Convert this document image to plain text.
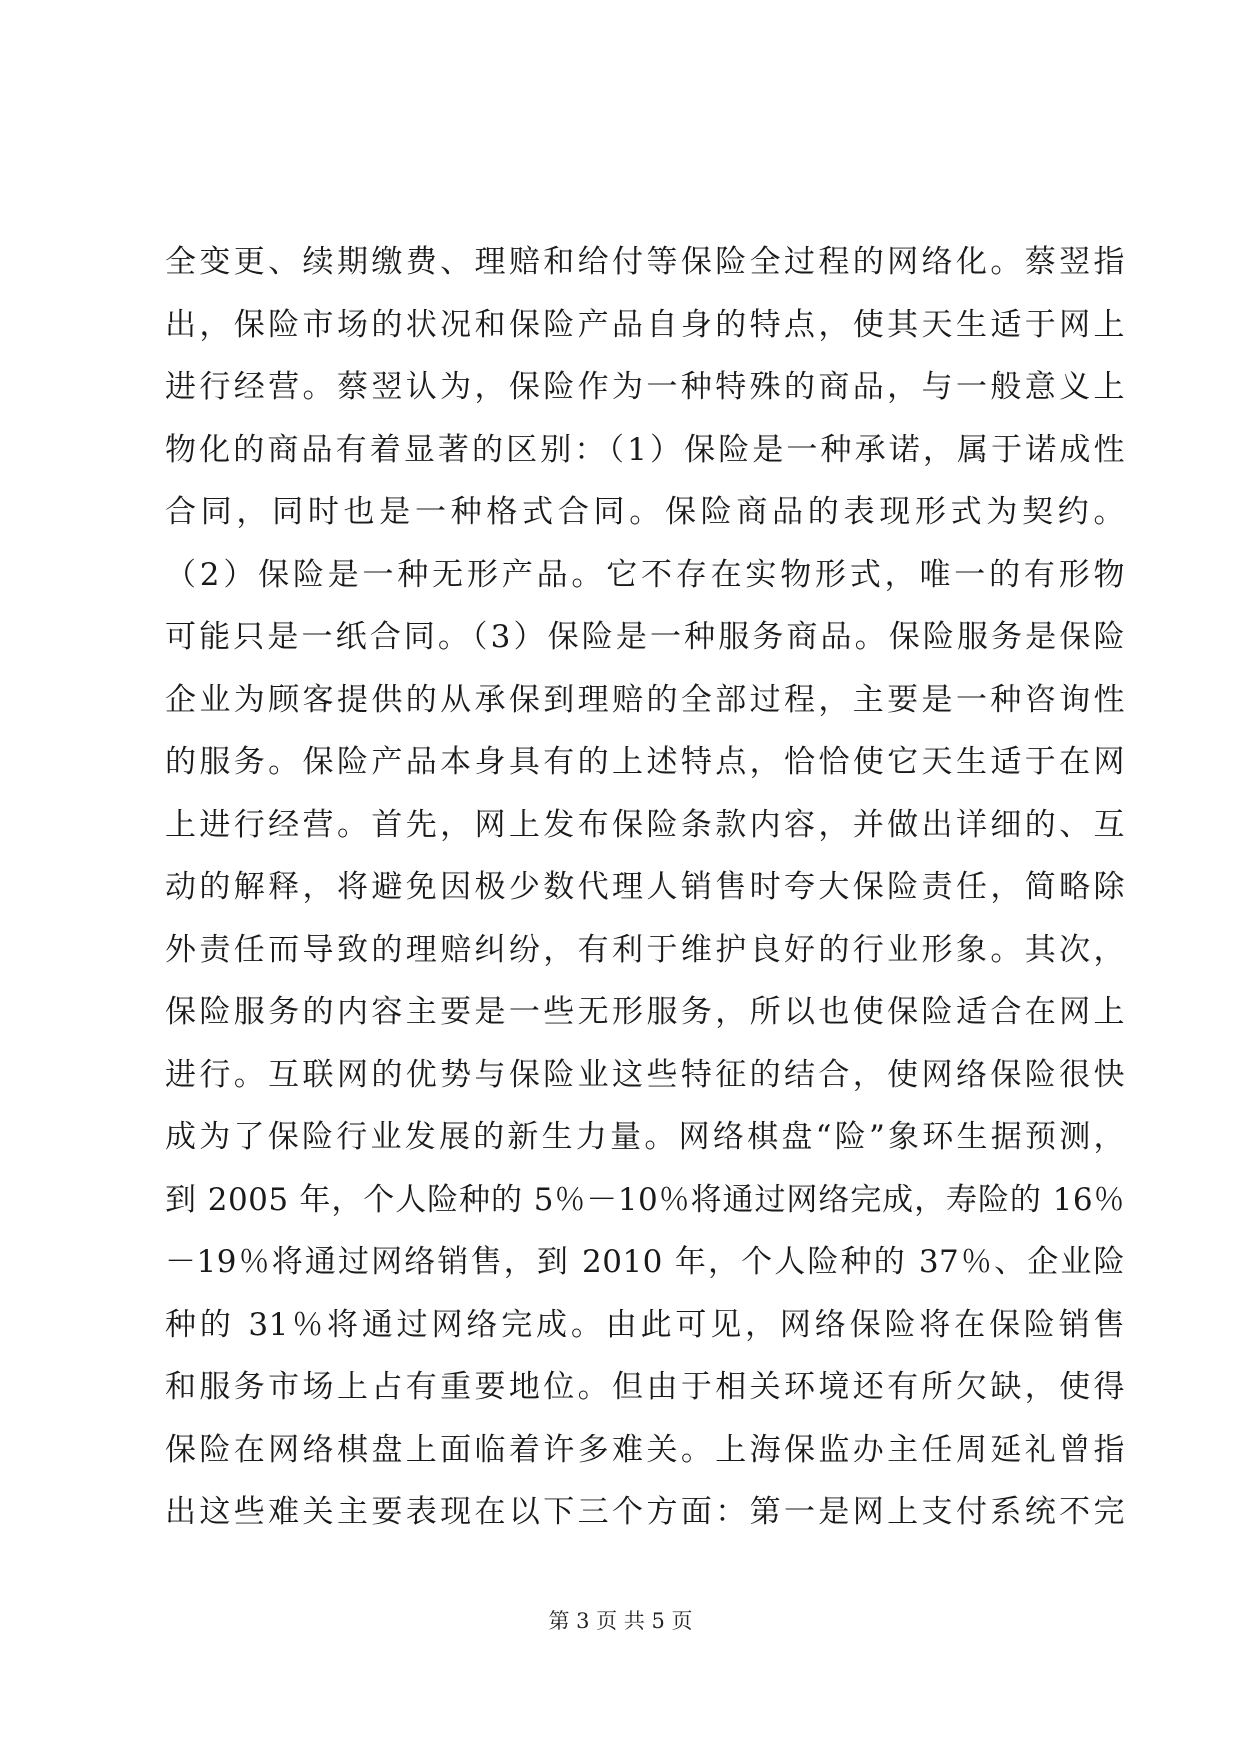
全变更、续期缴费、理赔和给付等保险全过程的网络化。蔡翌指
出，保险市场的状况和保险产品自身的特点，使其天生适于网上
进行经营。蔡翌认为，保险作为一种特殊的商品，与一般意义上
物化的商品有着显著的区别：（1）保险是一种承诺，属于诺成性
合同，同时也是一种格式合同。保险商品的表现形式为契约。
（2）保险是一种无形产品。它不存在实物形式，唯一的有形物
可能只是一纸合同。（3）保险是一种服务商品。保险服务是保险
企业为顾客提供的从承保到理赔的全部过程，主要是一种咨询性
的服务。保险产品本身具有的上述特点，恰恰使它天生适于在网
上进行经营。首先，网上发布保险条款内容，并做出详细的、互
动的解释，将避免因极少数代理人销售时夸大保险责任，简略除
外责任而导致的理赔纠纷，有利于维护良好的行业形象。其次，
保险服务的内容主要是一些无形服务，所以也使保险适合在网上
进行。互联网的优势与保险业这些特征的结合，使网络保险很快
成为了保险行业发展的新生力量。网络棋盘“险”象环生据预测，
到 2005 年，个人险种的 5％－10％将通过网络完成，寿险的 16％
－19％将通过网络销售，到 2010 年，个人险种的 37％、企业险
种的 31％将通过网络完成。由此可见，网络保险将在保险销售
和服务市场上占有重要地位。但由于相关环境还有所欠缺，使得
保险在网络棋盘上面临着许多难关。上海保监办主任周延礼曾指
出这些难关主要表现在以下三个方面：第一是网上支付系统不完
第 3 页 共 5 页
